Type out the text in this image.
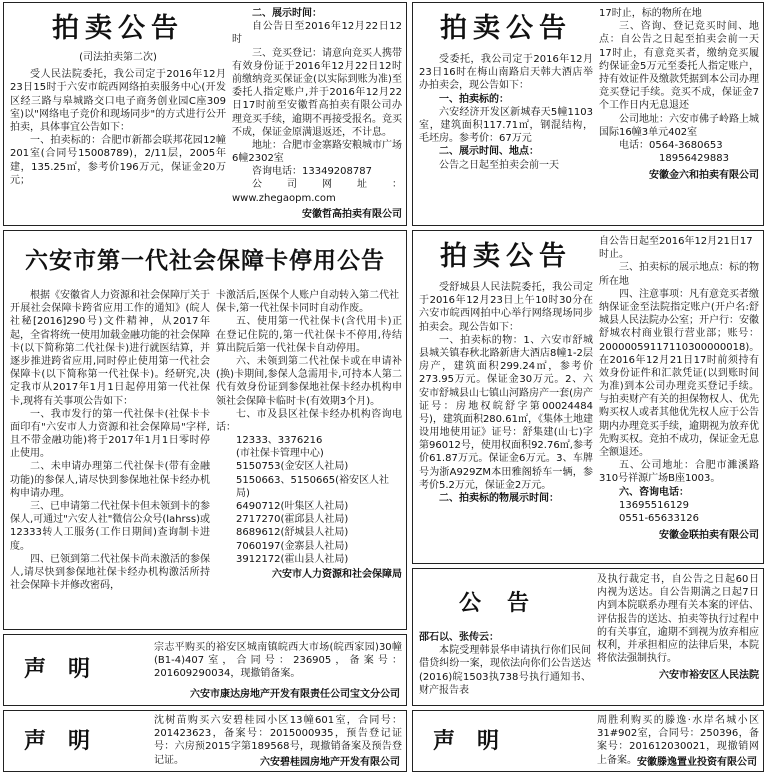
拍卖公告
(司法拍卖第二次)

受人民法院委托，我公司定于2016年12月23日15时于六安市皖西网络拍卖服务中心(开发区经三路与皋城路交口电子商务创业园C座309室)以"网络电子竞价和现场同步"的方式进行公开拍卖，具体事宜公告如下：

一、拍卖标的：合肥市新都会联邦花园12幢201室(合同号15008789)，2/11层，2005年建，135.25㎡，参考价196万元，保证金20万元；

二、展示时间：

自公告日至2016年12月22日12时

三、竞买登记：请意向竞买人携带有效身份证于2016年12月22日12时前缴纳竞买保证金(以实际到账为准)至委托人指定账户,并于2016年12月22日17时前至安徽哲高拍卖有限公司办理竞买手续，逾期不再接受报名。竞买不成，保证金原满退返还，不计息。

地址：合肥市金寨路安粮城市广场6幢2302室

咨询电话：13349208787

公司网址：www.zhegaopm.com

安徽哲高拍卖有限公司

拍卖公告

受委托，我公司定于2016年12月23日16时在梅山南路启天韩大酒店举办拍卖会，现公告如下：

一、拍卖标的：

六安经济开发区新城春天5幢1103室，建筑面积117.71㎡，钢混结构，毛坯房。参考价：67万元

二、展示时间、地点：

公告之日起至拍卖会前一天

17时止，标的物所在地

三、咨询、登记竞买时间、地点：自公告之日起至拍卖会前一天17时止，有意竞买者，缴纳竞买履约保证金5万元至委托人指定账户，持有效证件及缴款凭据到本公司办理竞买登记手续。竞买不成，保证金7个工作日内无息退还

公司地址：六安市佛子岭路上城国际16幢3单元402室

电话：0564-3680653

18956429883

安徽金六和拍卖有限公司

六安市第一代社会保障卡停用公告

根据《安徽省人力资源和社会保障厅关于开展社会保障卡跨省应用工作的通知》(皖人社秘[2016]290号)文件精神，从2017年起，全省将统一使用加载金融功能的社会保障卡(以下简称第二代社保卡)进行就医结算，并逐步推进跨省应用,同时停止使用第一代社会保障卡(以下简称第一代社保卡)。经研究,决定我市从2017年1月1日起停用第一代社保卡,现将有关事项公告如下：

一、我市发行的第一代社保卡(社保卡卡面印有"六安市人力资源和社会保障局"字样,且不带金融功能)将于2017年1月1日零时停止使用。

二、未申请办理第二代社保卡(带有金融功能)的参保人,请尽快到参保地社保卡经办机构申请办理。

三、已申请第二代社保卡但未领到卡的参保人,可通过"六安人社"微信公众号(lahrss)或12333转人工服务(工作日期间)查询制卡进度。

四、已领到第二代社保卡尚未激活的参保人,请尽快到参保地社保卡经办机构激活所持社会保障卡并修改密码，

卡激活后,医保个人账户自动转入第二代社保卡,第一代社保卡同时自动作废。

五、使用第一代社保卡(含代用卡)正在登记住院的,第一代社保卡不停用,待结算出院后第一代社保卡自动停用。

六、未领到第二代社保卡或在申请补(换)卡期间,参保人急需用卡,可持本人第二代有效身份证到参保地社保卡经办机构申领社会保障卡临时卡(有效期3个月)。

七、市及县区社保卡经办机构咨询电话：

12333、3376216

(市社保卡管理中心)

5150753(金安区人社局)

5150663、5150665(裕安区人社局)

6490712(叶集区人社局)

2717270(霍邱县人社局)

8689612(舒城县人社局)

7060197(金寨县人社局)

3912172(霍山县人社局)

六安市人力资源和社会保障局

拍卖公告

受舒城县人民法院委托，我公司定于2016年12月23日上午10时30分在六安市皖西网拍中心举行网络现场同步拍卖会。现公告如下：

一、拍卖标的物：1、六安市舒城县城关镇春秋北路新唐大酒店8幢1-2层房产，建筑面积299.24㎡，参考价273.95万元。保证金30万元。2、六安市舒城县山七镇山河路房产一套(房产证号：房地权皖舒字第00024484号)，建筑面积280.61㎡，《集体土地建设用地使用证》证号：舒集建(山七)字第96012号，使用权面积92.76㎡,参考价61.87万元。保证金6万元。3、车牌号为浙A929ZM本田雅阁轿车一辆，参考价5.2万元，保证金2万元。

二、拍卖标的物展示时间：

自公告日起至2016年12月21日17时止。

三、拍卖标的展示地点：标的物所在地

四、注意事项：凡有意竞买者缴纳保证金至法院指定账户(开户名:舒城县人民法院办公室；开户行：安徽舒城农村商业银行营业部；账号：20000059117110300000018)。在2016年12月21日17时前须持有效身份证件和汇款凭证(以到账时间为准)到本公司办理竞买登记手续。与拍卖财产有关的担保物权人、优先购买权人或者其他优先权人应于公告期内办理竞买手续，逾期视为放弃优先购买权。竞拍不成功，保证金无息全额退还。

五、公司地址：合肥市濉溪路310号祥源广场B座1003。

六、咨询电话：

13695516129

0551-65633126

安徽金联拍卖有限公司

声明

宗志平购买的裕安区城南镇皖西大市场(皖西家园)30幢(B1-4)407室，合同号：236905，备案号：201609290034，现撤销备案。

六安市康达房地产开发有限责任公司宝文分公司

公告

邵石以、张传云：

本院受理韩景华申请执行你们民间借贷纠纷一案，现依法向你们公告送达(2016)皖1503执738号执行通知书、财产报告表

及执行裁定书，自公告之日起60日内视为送达。自公告期满之日起7日内到本院联系办理有关本案的评估、评估报告的送达、拍卖等执行过程中的有关事宜，逾期不到视为放弃相应权利，并承担相应的法律后果，本院将依法强制执行。

六安市裕安区人民法院

声明

沈树苗购买六安碧桂园小区13幢601室，合同号：201423623，备案号：2015000935，预告登记证号：六房预2015字第189568号，现撤销备案及预告登记证。	六安碧桂园房地产开发有限公司

声明

周胜利购买的滕逸·水岸名城小区31#902室，合同号：250396，备案号：201612030021，现撤销网上备案。 安徽滕逸置业投资有限公司
